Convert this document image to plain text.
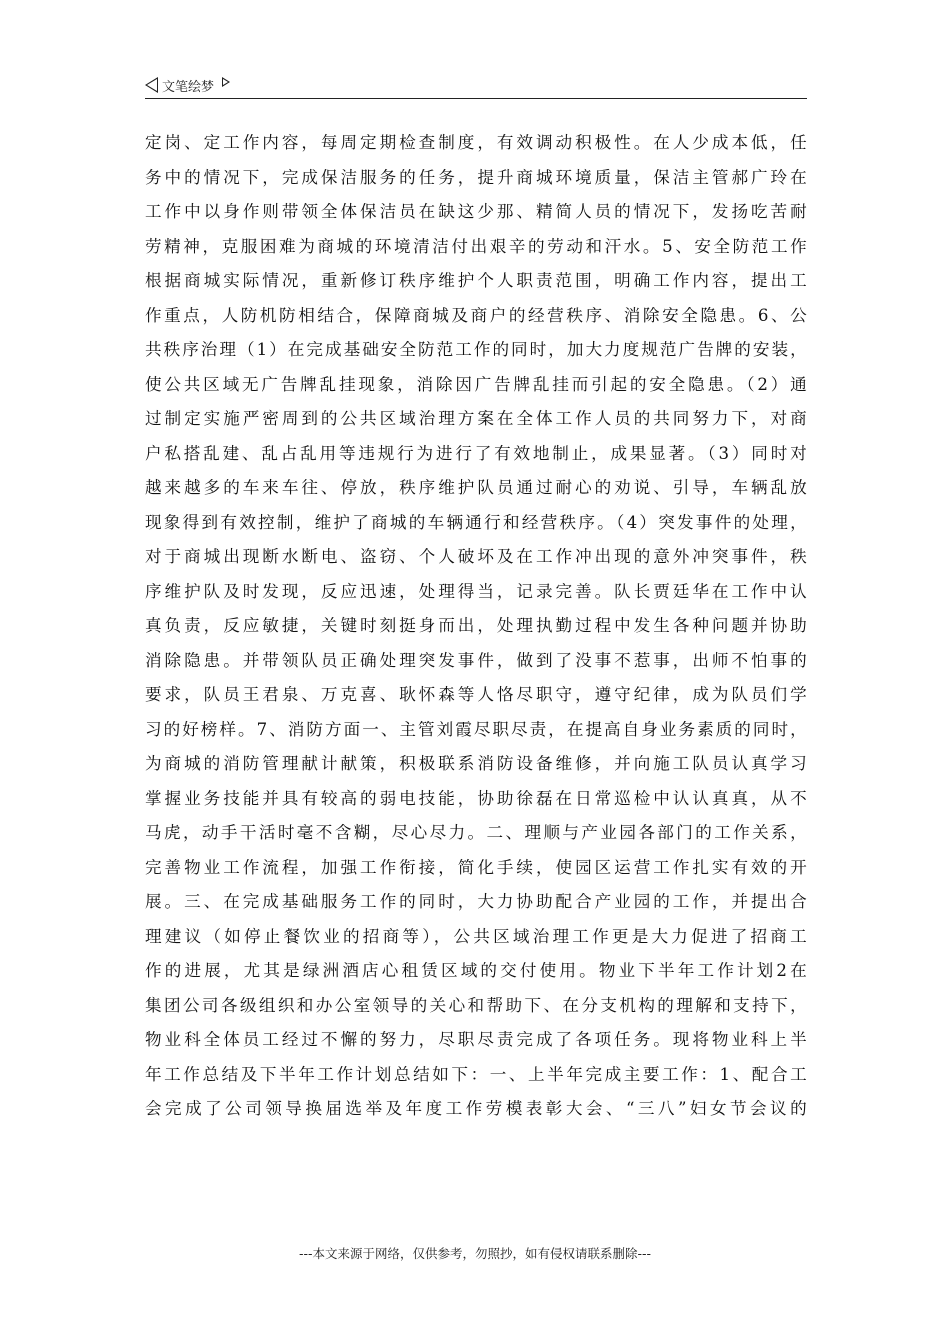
文笔绘梦
定岗、定工作内容，每周定期检查制度，有效调动积极性。在人少成本低，任
务中的情况下，完成保洁服务的任务，提升商城环境质量，保洁主管郝广玲在
工作中以身作则带领全体保洁员在缺这少那、精简人员的情况下，发扬吃苦耐
劳精神，克服困难为商城的环境清洁付出艰辛的劳动和汗水。5、安全防范工作
根据商城实际情况，重新修订秩序维护个人职责范围，明确工作内容，提出工
作重点，人防机防相结合，保障商城及商户的经营秩序、消除安全隐患。6、公
共秩序治理（1）在完成基础安全防范工作的同时，加大力度规范广告牌的安装，
使公共区域无广告牌乱挂现象，消除因广告牌乱挂而引起的安全隐患。（2）通
过制定实施严密周到的公共区域治理方案在全体工作人员的共同努力下，对商
户私搭乱建、乱占乱用等违规行为进行了有效地制止，成果显著。（3）同时对
越来越多的车来车往、停放，秩序维护队员通过耐心的劝说、引导，车辆乱放
现象得到有效控制，维护了商城的车辆通行和经营秩序。（4）突发事件的处理，
对于商城出现断水断电、盗窃、个人破坏及在工作冲出现的意外冲突事件，秩
序维护队及时发现，反应迅速，处理得当，记录完善。队长贾廷华在工作中认
真负责，反应敏捷，关键时刻挺身而出，处理执勤过程中发生各种问题并协助
消除隐患。并带领队员正确处理突发事件，做到了没事不惹事，出师不怕事的
要求，队员王君泉、万克喜、耿怀森等人恪尽职守，遵守纪律，成为队员们学
习的好榜样。7、消防方面一、主管刘霞尽职尽责，在提高自身业务素质的同时，
为商城的消防管理献计献策，积极联系消防设备维修，并向施工队员认真学习
掌握业务技能并具有较高的弱电技能，协助徐磊在日常巡检中认认真真，从不
马虎，动手干活时毫不含糊，尽心尽力。二、理顺与产业园各部门的工作关系，
完善物业工作流程，加强工作衔接，简化手续，使园区运营工作扎实有效的开
展。三、在完成基础服务工作的同时，大力协助配合产业园的工作，并提出合
理建议（如停止餐饮业的招商等），公共区域治理工作更是大力促进了招商工
作的进展，尤其是绿洲酒店心租赁区域的交付使用。物业下半年工作计划2在
集团公司各级组织和办公室领导的关心和帮助下、在分支机构的理解和支持下，
物业科全体员工经过不懈的努力，尽职尽责完成了各项任务。现将物业科上半
年工作总结及下半年工作计划总结如下：一、上半年完成主要工作：1、配合工
会完成了公司领导换届选举及年度工作劳模表彰大会、“三八”妇女节会议的
---本文来源于网络，仅供参考，勿照抄，如有侵权请联系删除---
